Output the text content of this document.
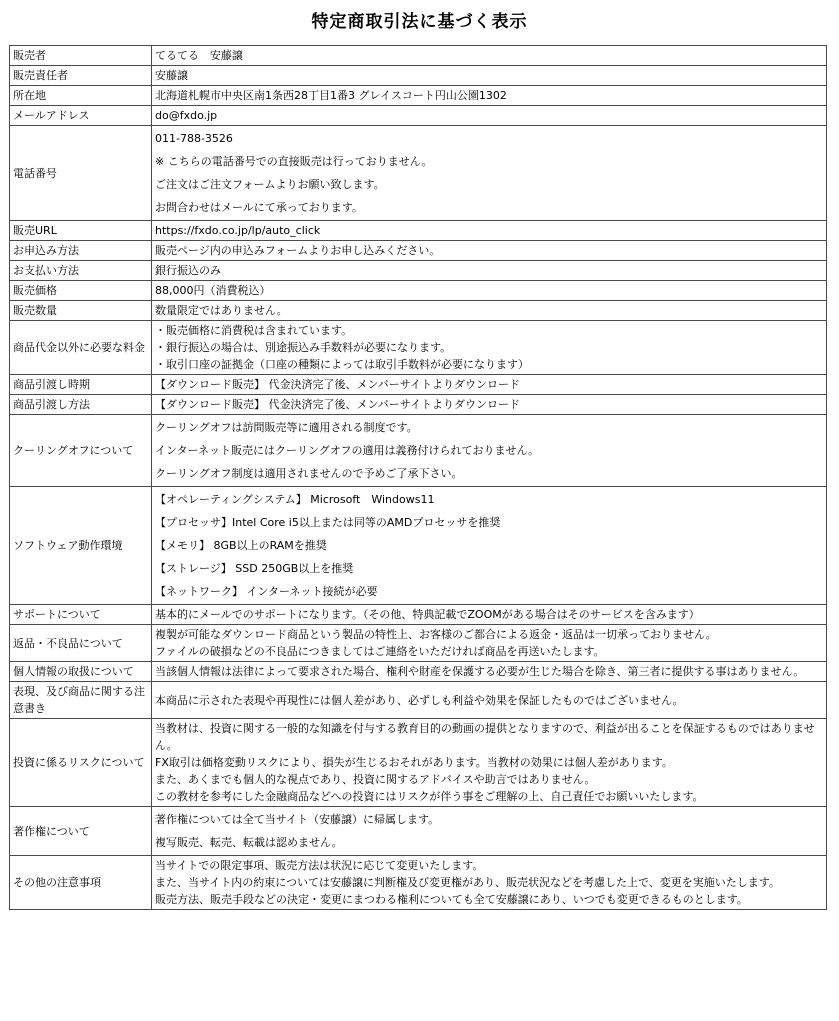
特定商取引法に基づく表示
販売者	てるてる　安藤譲

販売責任者	安藤譲

所在地	北海道札幌市中央区南1条西28丁目1番3 グレイスコート円山公園1302

メールアドレス	do@fxdo.jp

電話番号	011-788-3526

※ こちらの電話番号での直接販売は行っておりません。

ご注文はご注文フォームよりお願い致します。

お問合わせはメールにて承っております。

販売URL	https://fxdo.co.jp/lp/auto_click

お申込み方法	販売ページ内の申込みフォームよりお申し込みください。

お支払い方法	銀行振込のみ

販売価格	88,000円（消費税込）

販売数量	数量限定ではありません。

商品代金以外に必要な料金	・販売価格に消費税は含まれています。

・銀行振込の場合は、別途振込み手数料が必要になります。

・取引口座の証拠金（口座の種類によっては取引手数料が必要になります）

商品引渡し時期	【ダウンロード販売】 代金決済完了後、メンバーサイトよりダウンロード

商品引渡し方法	【ダウンロード販売】 代金決済完了後、メンバーサイトよりダウンロード

クーリングオフについて	クーリングオフは訪問販売等に適用される制度です。

インターネット販売にはクーリングオフの適用は義務付けられておりません。

クーリングオフ制度は適用されませんので予めご了承下さい。

ソフトウェア動作環境	【オペレーティングシステム】 Microsoft　Windows11

【プロセッサ】Intel Core i5以上または同等のAMDプロセッサを推奨

【メモリ】 8GB以上のRAMを推奨

【ストレージ】 SSD 250GB以上を推奨

【ネットワーク】 インターネット接続が必要

サポートについて	基本的にメールでのサポートになります。（その他、特典記載でZOOMがある場合はそのサービスを含みます）

返品・不良品について	複製が可能なダウンロード商品という製品の特性上、お客様のご都合による返金・返品は一切承っておりません。

ファイルの破損などの不良品につきましてはご連絡をいただければ商品を再送いたします。

個人情報の取扱について	当該個人情報は法律によって要求された場合、権利や財産を保護する必要が生じた場合を除き、第三者に提供する事はありません。

表現、及び商品に関する注意書き	本商品に示された表現や再現性には個人差があり、必ずしも利益や効果を保証したものではございません。

投資に係るリスクについて	当教材は、投資に関する一般的な知識を付与する教育目的の動画の提供となりますので、利益が出ることを保証するものではありません。

FX取引は価格変動リスクにより、損失が生じるおそれがあります。当教材の効果には個人差があります。

また、あくまでも個人的な視点であり、投資に関するアドバイスや助言ではありません。

この教材を参考にした金融商品などへの投資にはリスクが伴う事をご理解の上、自己責任でお願いいたします。

著作権について	著作権については全て当サイト（安藤譲）に帰属します。

複写販売、転売、転載は認めません。

その他の注意事項	当サイトでの限定事項、販売方法は状況に応じて変更いたします。

また、当サイト内の約束については安藤譲に判断権及び変更権があり、販売状況などを考慮した上で、変更を実施いたします。

販売方法、販売手段などの決定・変更にまつわる権利についても全て安藤譲にあり、いつでも変更できるものとします。
